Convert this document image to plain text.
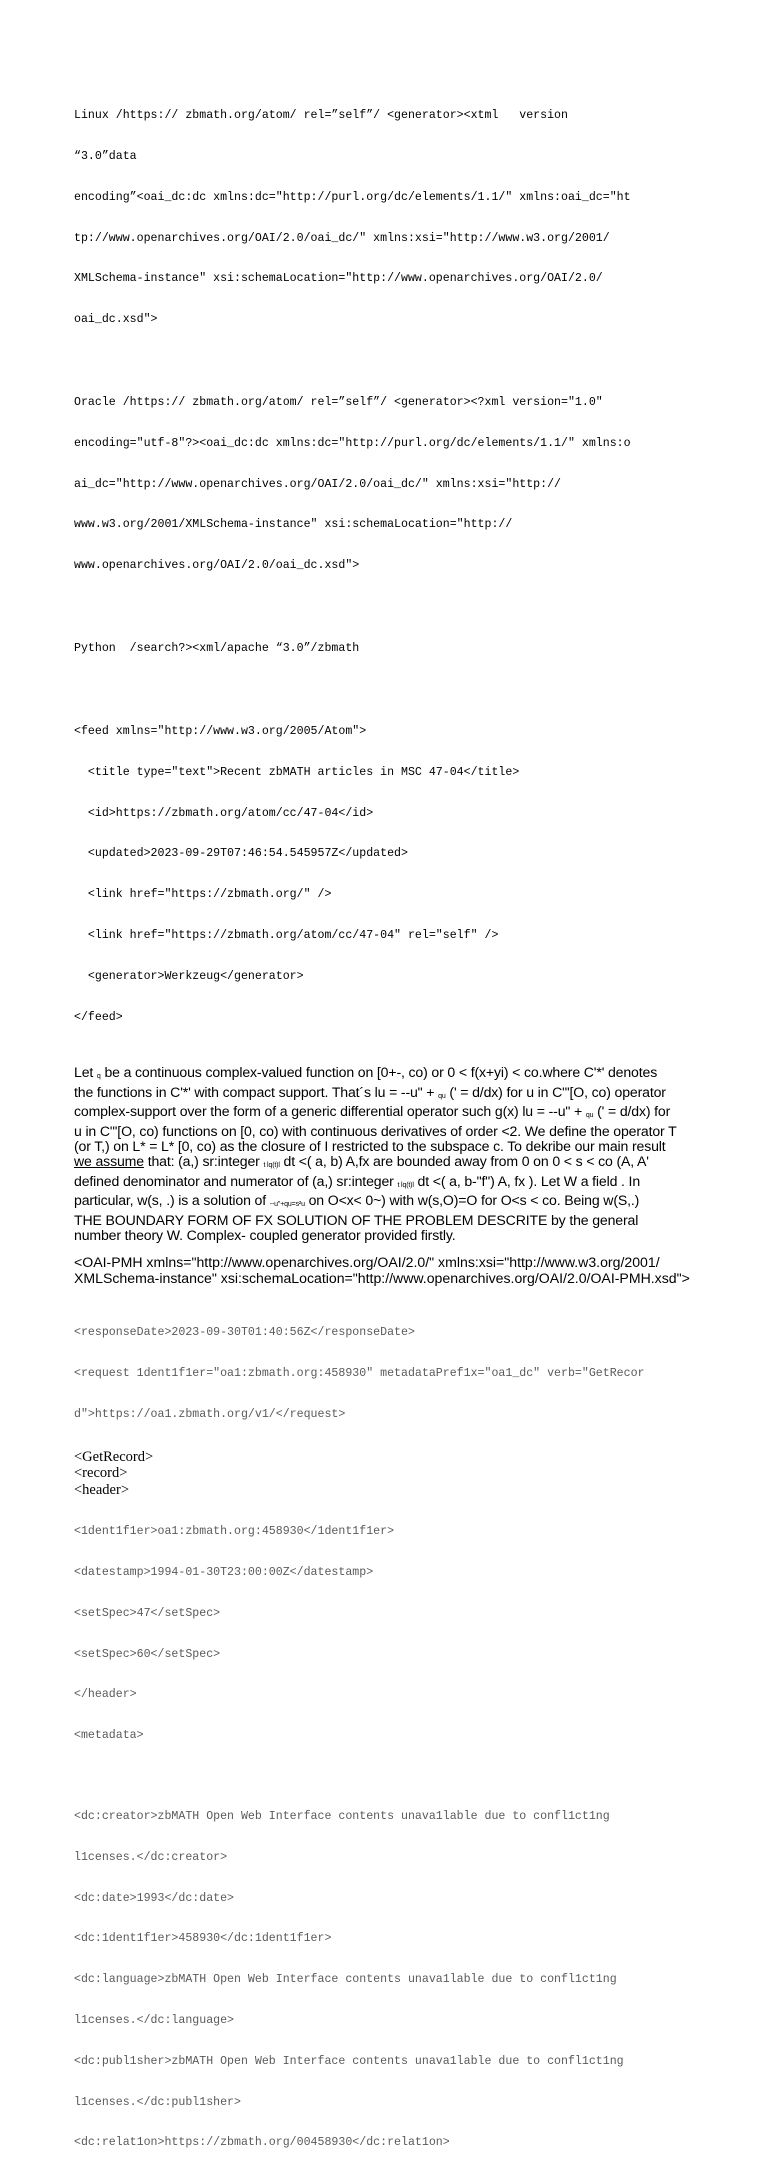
Linux /https:// zbmath.org/atom/ rel=”self”/ <generator><xtml   version

“3.0”data

encoding”<oai_dc:dc xmlns:dc="http://purl.org/dc/elements/1.1/" xmlns:oai_dc="ht

tp://www.openarchives.org/OAI/2.0/oai_dc/" xmlns:xsi="http://www.w3.org/2001/

XMLSchema-instance" xsi:schemaLocation="http://www.openarchives.org/OAI/2.0/

oai_dc.xsd">

Oracle /https:// zbmath.org/atom/ rel=”self”/ <generator><?xml version="1.0"

encoding="utf-8"?><oai_dc:dc xmlns:dc="http://purl.org/dc/elements/1.1/" xmlns:o

ai_dc="http://www.openarchives.org/OAI/2.0/oai_dc/" xmlns:xsi="http://

www.w3.org/2001/XMLSchema-instance" xsi:schemaLocation="http://

www.openarchives.org/OAI/2.0/oai_dc.xsd">

Python  /search?><xml/apache “3.0”/zbmath

<feed xmlns="http://www.w3.org/2005/Atom">

<title type="text">Recent zbMATH articles in MSC 47-04</title>

<id>https://zbmath.org/atom/cc/47-04</id>

<updated>2023-09-29T07:46:54.545957Z</updated>

<link href="https://zbmath.org/" />

<link href="https://zbmath.org/atom/cc/47-04" rel="self" />

<generator>Werkzeug</generator>

</feed>

Let q be a continuous complex-valued function on [0+-, co) or 0 < f(x+yi) < co.where C'*' denotes
the functions in C'*' with compact support. That´s lu = --u" + qu (' = d/dx) for u in C"'[O, co) operator
complex-support over the form of a generic differential operator such g(x) lu = --u" + qu (' = d/dx) for
u in C"'[O, co) functions on [0, co) with continuous derivatives of order <2. We define the operator T
(or T,) on L* = L* [0, co) as the closure of I restricted to the subspace c. To dekribe our main result
we assume that: (a,) sr:integer t lq(t)l dt <( a, b) A,fx are bounded away from 0 on 0 < s < co (A, A'
defined denominator and numerator of (a,) sr:integer t lq(t)l dt <( a, b-"f") A, fx ). Let W a field . In
particular, w(s, .) is a solution of --u"+qu=s²u on O<x< 0~) with w(s,O)=O for O<s < co. Being w(S,.)
THE BOUNDARY FORM OF FX SOLUTION OF THE PROBLEM DESCRITE by the general
number theory W. Complex- coupled generator provided firstly.
<OAI-PMH xmlns="http://www.openarchives.org/OAI/2.0/" xmlns:xsi="http://www.w3.org/2001/
XMLSchema-instance" xsi:schemaLocation="http://www.openarchives.org/OAI/2.0/OAI-PMH.xsd">

<responseDate>2023-09-30T01:40:56Z</responseDate>

<request 1dent1f1er="oa1:zbmath.org:458930" metadataPref1x="oa1_dc" verb="GetRecor

d">https://oa1.zbmath.org/v1/</request>

<GetRecord>
<record>
<header>

<1dent1f1er>oa1:zbmath.org:458930</1dent1f1er>

<datestamp>1994-01-30T23:00:00Z</datestamp>

<setSpec>47</setSpec>

<setSpec>60</setSpec>

</header>

<metadata>

<dc:creator>zbMATH Open Web Interface contents unava1lable due to confl1ct1ng

l1censes.</dc:creator>

<dc:date>1993</dc:date>

<dc:1dent1f1er>458930</dc:1dent1f1er>

<dc:language>zbMATH Open Web Interface contents unava1lable due to confl1ct1ng

l1censes.</dc:language>

<dc:publ1sher>zbMATH Open Web Interface contents unava1lable due to confl1ct1ng

l1censes.</dc:publ1sher>

<dc:relat1on>https://zbmath.org/00458930</dc:relat1on>
